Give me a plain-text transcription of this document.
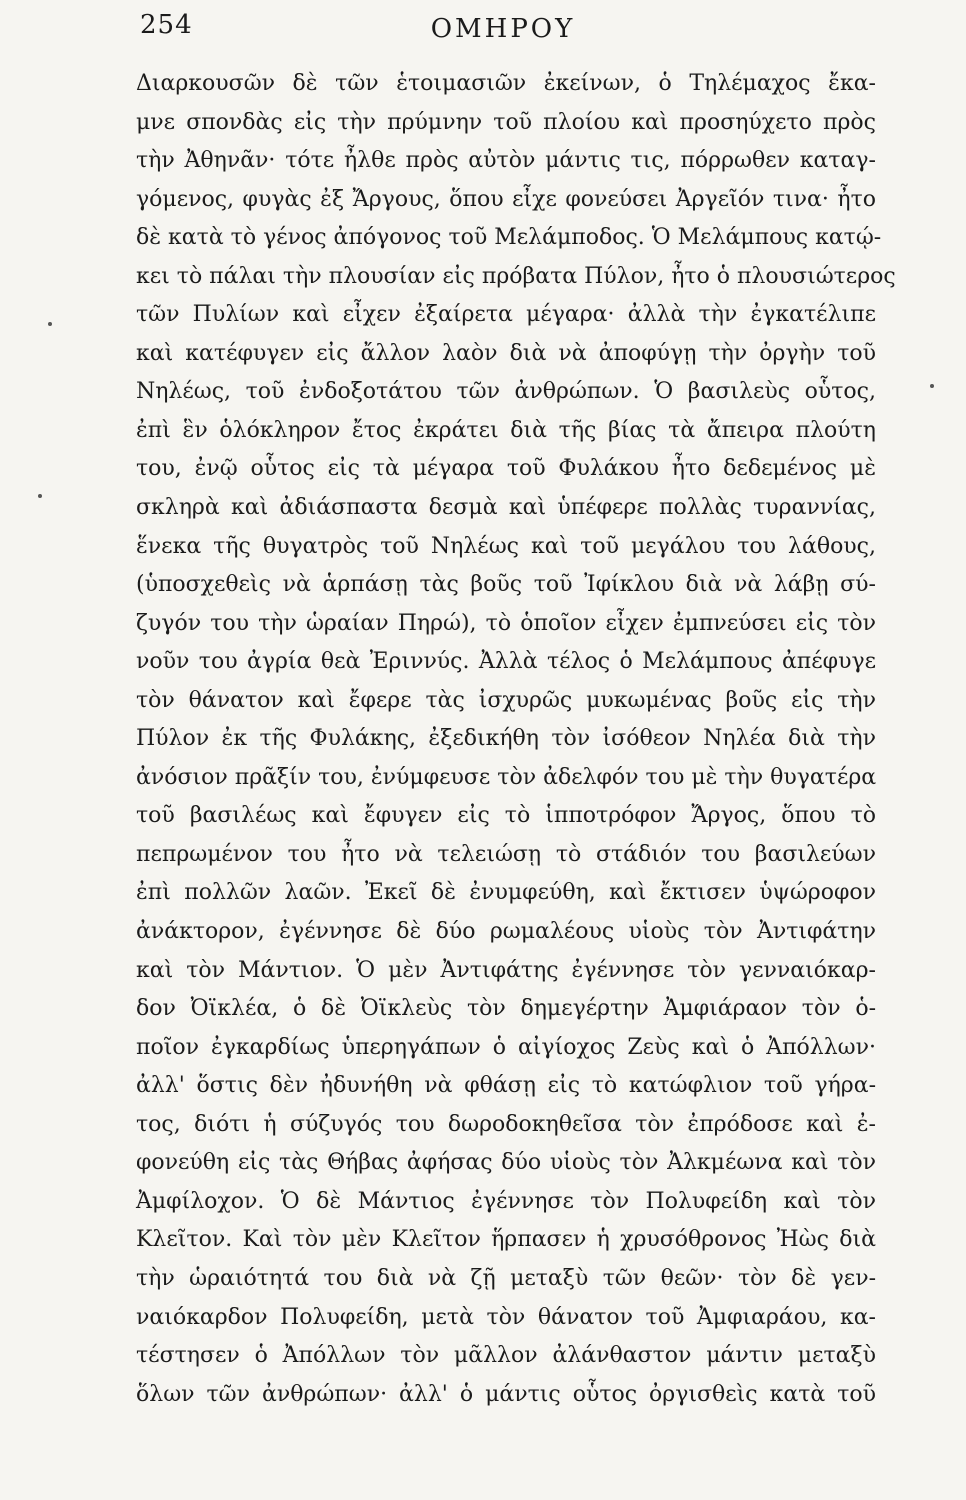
254	ΟΜΗΡΟΥ
Διαρκουσῶν δὲ τῶν ἑτοιμασιῶν ἐκείνων, ὁ Τηλέμαχος ἔκα-
μνε σπονδὰς εἰς τὴν πρύμνην τοῦ πλοίου καὶ προσηύχετο πρὸς
τὴν Ἀθηνᾶν· τότε ἦλθε πρὸς αὐτὸν μάντις τις, πόρρωθεν καταγ-
γόμενος, φυγὰς ἐξ Ἄργους, ὅπου εἶχε φονεύσει Ἀργεῖόν τινα· ἦτο
δὲ κατὰ τὸ γένος ἀπόγονος τοῦ Μελάμποδος. Ὁ Μελάμπους κατῴ-
κει τὸ πάλαι τὴν πλουσίαν εἰς πρόβατα Πύλον, ἦτο ὁ πλουσιώτερος
τῶν Πυλίων καὶ εἶχεν ἐξαίρετα μέγαρα· ἀλλὰ τὴν ἐγκατέλιπε
καὶ κατέφυγεν εἰς ἄλλον λαὸν διὰ νὰ ἀποφύγῃ τὴν ὀργὴν τοῦ
Νηλέως, τοῦ ἐνδοξοτάτου τῶν ἀνθρώπων. Ὁ βασιλεὺς οὗτος,
ἐπὶ ἓν ὁλόκληρον ἔτος ἐκράτει διὰ τῆς βίας τὰ ἄπειρα πλούτη
του, ἐνῷ οὗτος εἰς τὰ μέγαρα τοῦ Φυλάκου ἦτο δεδεμένος μὲ
σκληρὰ καὶ ἀδιάσπαστα δεσμὰ καὶ ὑπέφερε πολλὰς τυραννίας,
ἕνεκα τῆς θυγατρὸς τοῦ Νηλέως καὶ τοῦ μεγάλου του λάθους,
(ὑποσχεθεὶς νὰ ἁρπάσῃ τὰς βοῦς τοῦ Ἰφίκλου διὰ νὰ λάβῃ σύ-
ζυγόν του τὴν ὡραίαν Πηρώ), τὸ ὁποῖον εἶχεν ἐμπνεύσει εἰς τὸν
νοῦν του ἀγρία θεὰ Ἐριννύς. Ἀλλὰ τέλος ὁ Μελάμπους ἀπέφυγε
τὸν θάνατον καὶ ἔφερε τὰς ἰσχυρῶς μυκωμένας βοῦς εἰς τὴν
Πύλον ἐκ τῆς Φυλάκης, ἐξεδικήθη τὸν ἰσόθεον Νηλέα διὰ τὴν
ἀνόσιον πρᾶξίν του, ἐνύμφευσε τὸν ἀδελφόν του μὲ τὴν θυγατέρα
τοῦ βασιλέως καὶ ἔφυγεν εἰς τὸ ἱπποτρόφον Ἄργος, ὅπου τὸ
πεπρωμένον του ἦτο νὰ τελειώσῃ τὸ στάδιόν του βασιλεύων
ἐπὶ πολλῶν λαῶν. Ἐκεῖ δὲ ἐνυμφεύθη, καὶ ἔκτισεν ὑψώροφον
ἀνάκτορον, ἐγέννησε δὲ δύο ρωμαλέους υἱοὺς τὸν Ἀντιφάτην
καὶ τὸν Μάντιον. Ὁ μὲν Ἀντιφάτης ἐγέννησε τὸν γενναιόκαρ-
δον Ὀϊκλέα, ὁ δὲ Ὀϊκλεὺς τὸν δημεγέρτην Ἀμφιάραον τὸν ὁ-
ποῖον ἐγκαρδίως ὑπερηγάπων ὁ αἰγίοχος Ζεὺς καὶ ὁ Ἀπόλλων·
ἀλλ' ὅστις δὲν ἠδυνήθη νὰ φθάσῃ εἰς τὸ κατώφλιον τοῦ γήρα-
τος, διότι ἡ σύζυγός του δωροδοκηθεῖσα τὸν ἐπρόδοσε καὶ ἐ-
φονεύθη εἰς τὰς Θήβας ἀφήσας δύο υἱοὺς τὸν Ἀλκμέωνα καὶ τὸν
Ἀμφίλοχον. Ὁ δὲ Μάντιος ἐγέννησε τὸν Πολυφείδη καὶ τὸν
Κλεῖτον. Καὶ τὸν μὲν Κλεῖτον ἥρπασεν ἡ χρυσόθρονος Ἠὼς διὰ
τὴν ὡραιότητά του διὰ νὰ ζῇ μεταξὺ τῶν θεῶν· τὸν δὲ γεν-
ναιόκαρδον Πολυφείδη, μετὰ τὸν θάνατον τοῦ Ἀμφιαράου, κα-
τέστησεν ὁ Ἀπόλλων τὸν μᾶλλον ἀλάνθαστον μάντιν μεταξὺ
ὅλων τῶν ἀνθρώπων· ἀλλ' ὁ μάντις οὗτος ὀργισθεὶς κατὰ τοῦ
